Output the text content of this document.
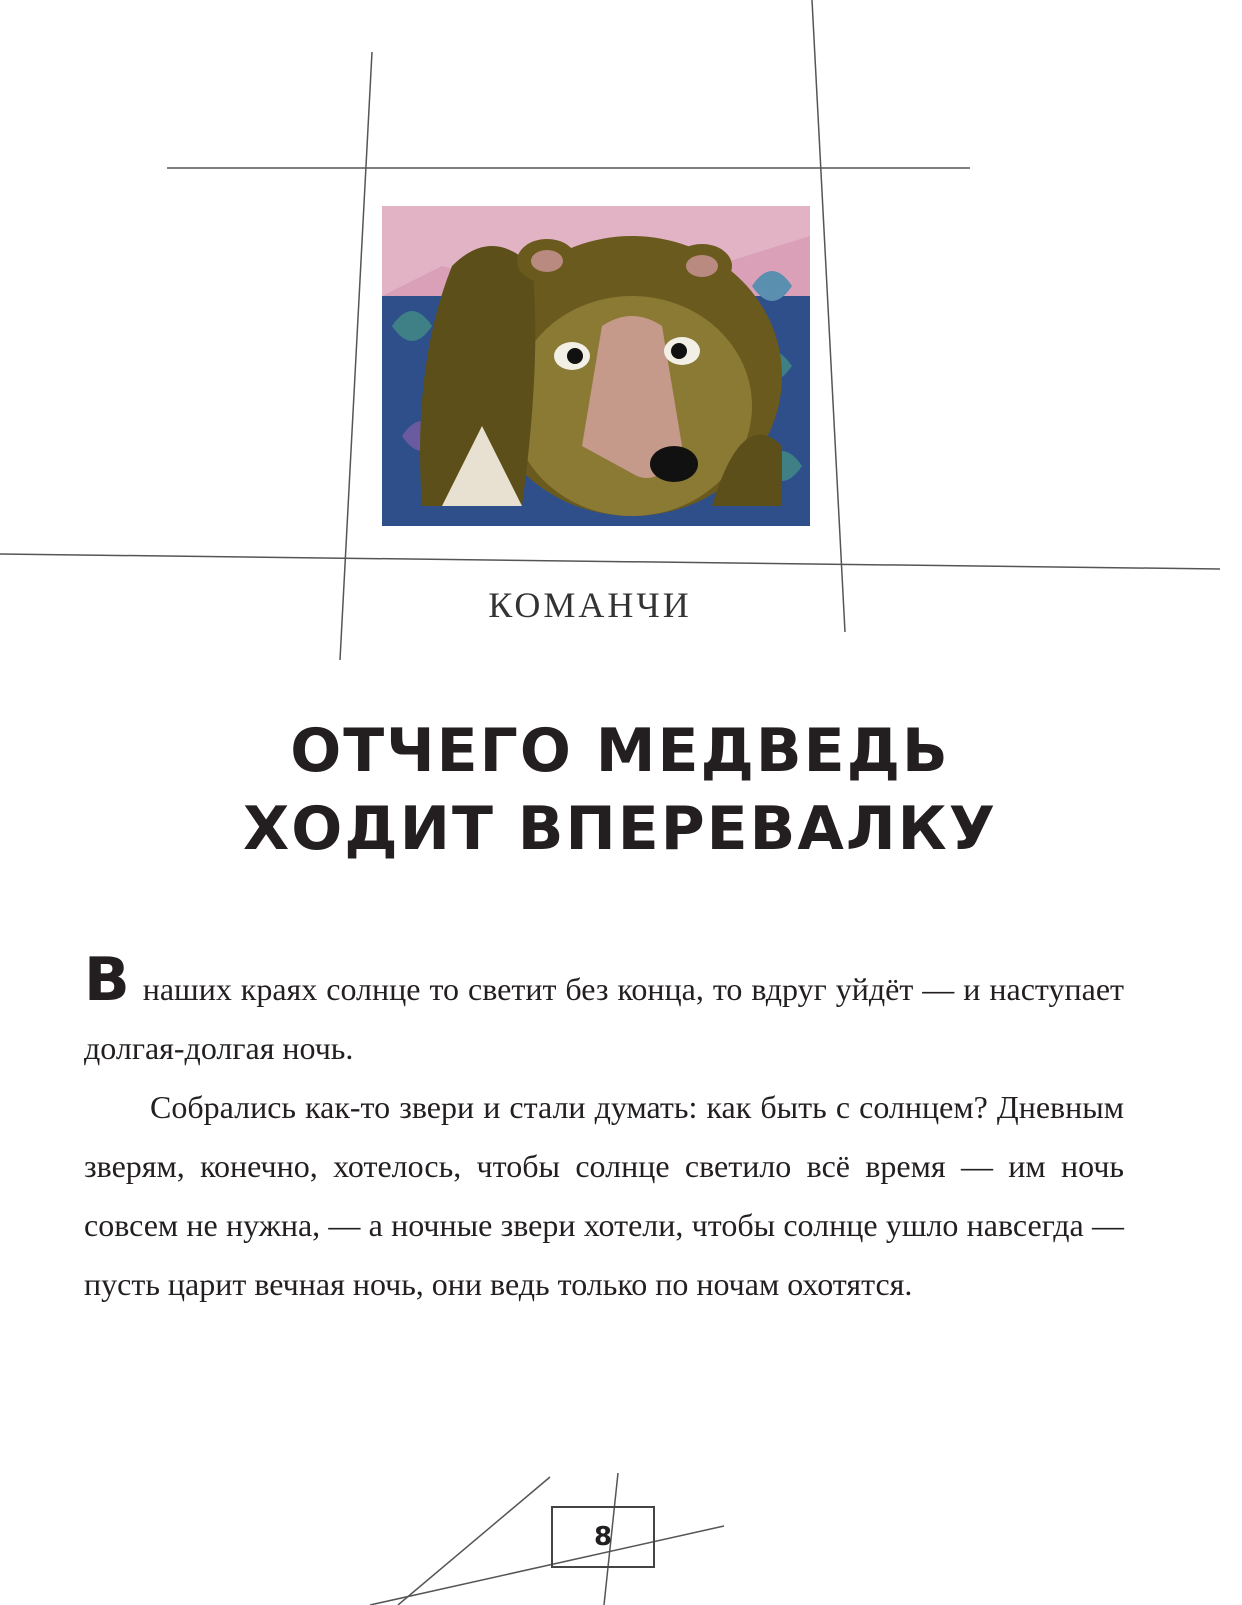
КОМАНЧИ
ОТЧЕГО МЕДВЕДЬ
ХОДИТ ВПЕРЕВАЛКУ

В наших краях солнце то светит без конца, то вдруг уйдёт — и наступает долгая-долгая ночь.

Собрались как-то звери и стали думать: как быть с солнцем? Дневным зверям, конечно, хотелось, чтобы солнце светило всё время — им ночь совсем не нужна, — а ночные звери хотели, чтобы солнце ушло навсегда — пусть царит вечная ночь, они ведь только по ночам охотятся.

8
